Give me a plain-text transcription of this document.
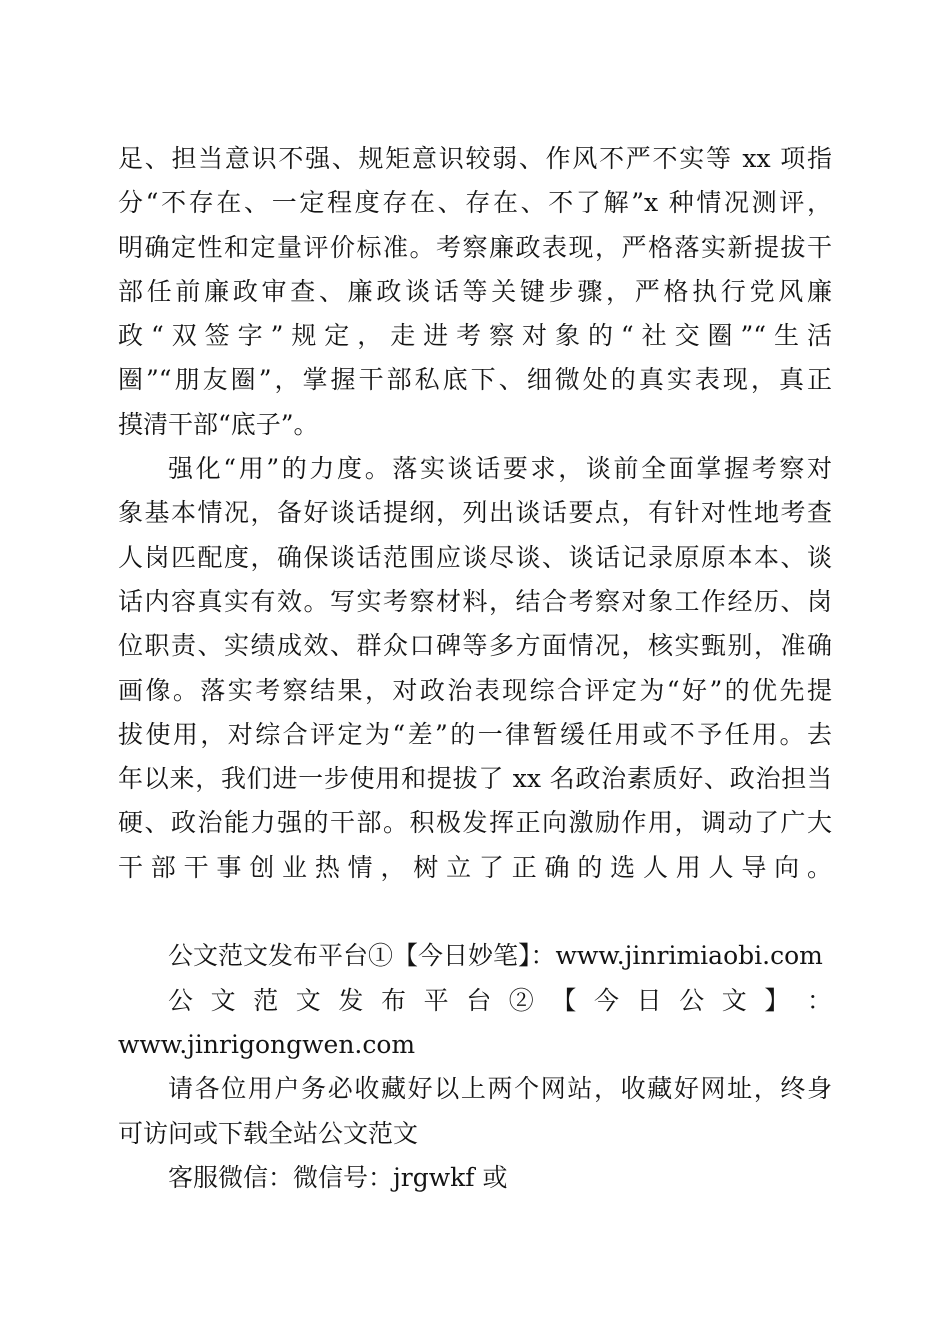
足、担当意识不强、规矩意识较弱、作风不严不实等 xx 项指
分“不存在、一定程度存在、存在、不了解”x 种情况测评，
明确定性和定量评价标准。考察廉政表现，严格落实新提拔干
部任前廉政审查、廉政谈话等关键步骤，严格执行党风廉
政“双签字”规定，走进考察对象的“社交圈”“生活
圈”“朋友圈”，掌握干部私底下、细微处的真实表现，真正
摸清干部“底子”。
强化“用”的力度。落实谈话要求，谈前全面掌握考察对
象基本情况，备好谈话提纲，列出谈话要点，有针对性地考查
人岗匹配度，确保谈话范围应谈尽谈、谈话记录原原本本、谈
话内容真实有效。写实考察材料，结合考察对象工作经历、岗
位职责、实绩成效、群众口碑等多方面情况，核实甄别，准确
画像。落实考察结果，对政治表现综合评定为“好”的优先提
拔使用，对综合评定为“差”的一律暂缓任用或不予任用。去
年以来，我们进一步使用和提拔了 xx 名政治素质好、政治担当
硬、政治能力强的干部。积极发挥正向激励作用，调动了广大
干部干事创业热情，树立了正确的选人用人导向。
公文范文发布平台①【今日妙笔】：www.jinrimiaobi.com
公 文 范 文 发 布 平 台 ② 【 今 日 公 文 】 ：
www.jinrigongwen.com
请各位用户务必收藏好以上两个网站，收藏好网址，终身
可访问或下载全站公文范文
客服微信：微信号：jrgwkf 或
